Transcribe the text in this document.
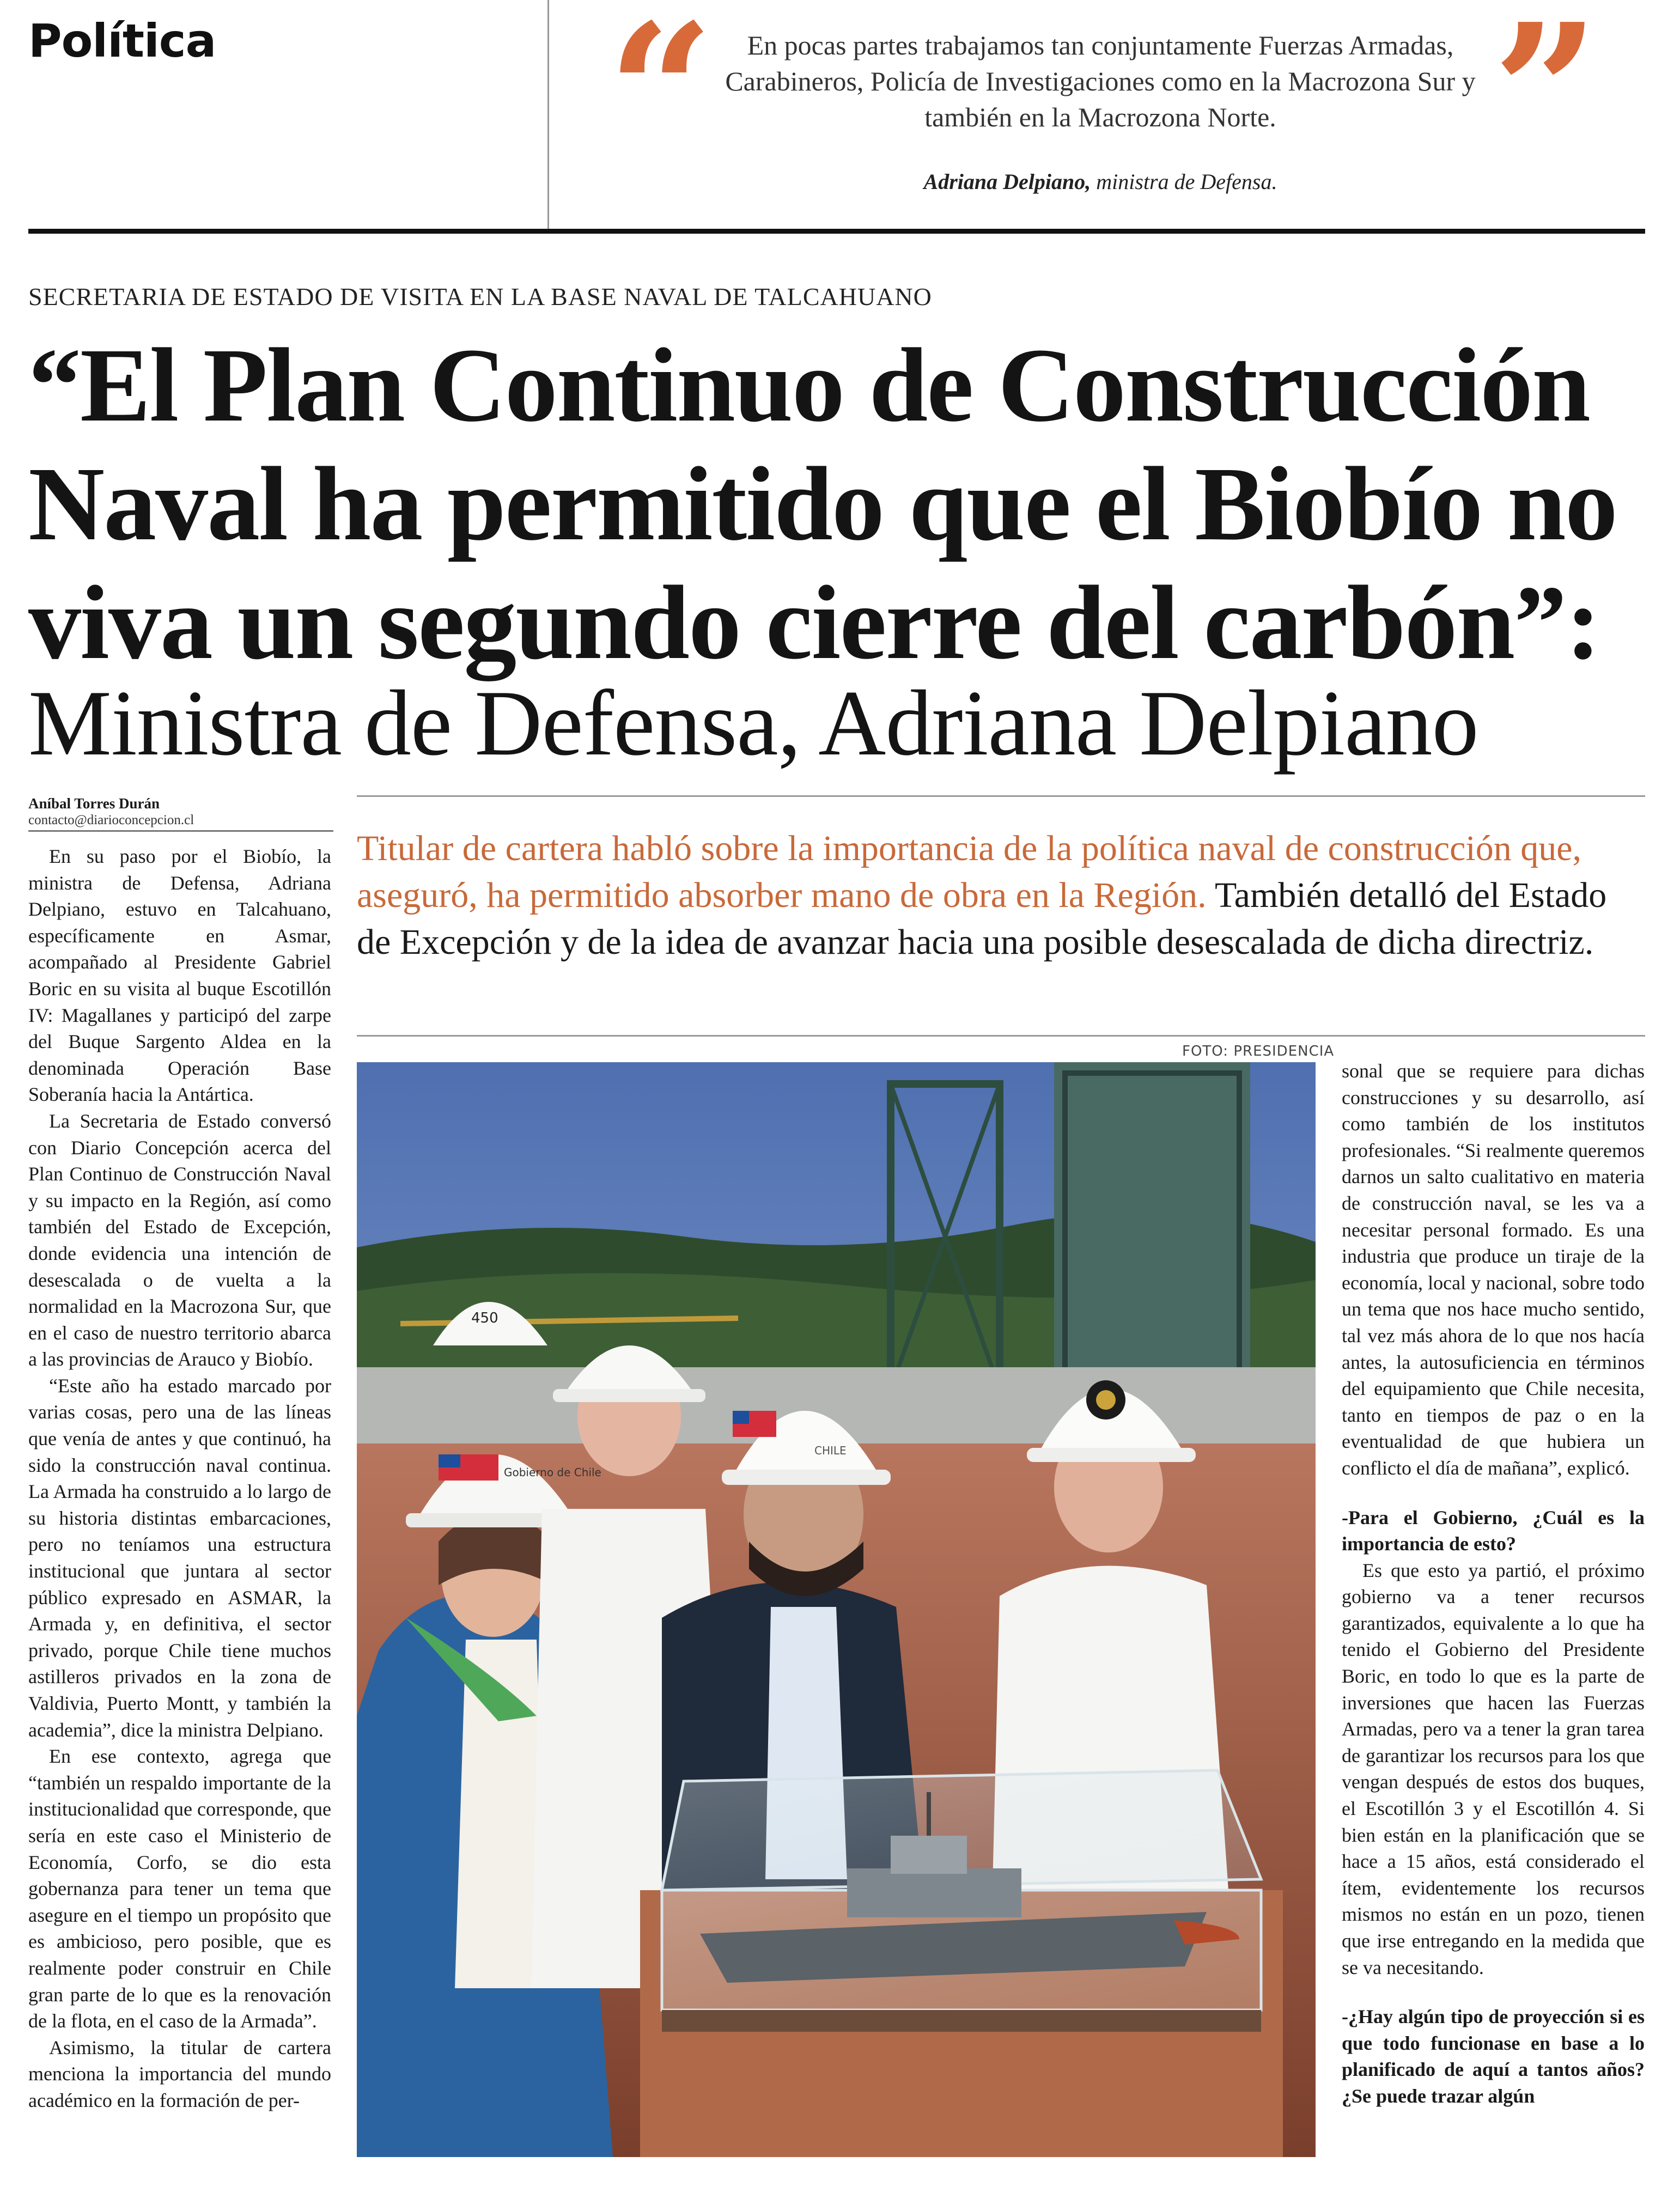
Política “	En pocas partes trabajamos tan conjuntamente Fuerzas Armadas, Carabineros, Policía de Investigaciones como en la Macrozona Sur y también en la Macrozona Norte.	”
Adriana Delpiano, ministra de Defensa.
SECRETARIA DE ESTADO DE VISITA EN LA BASE NAVAL DE TALCAHUANO
“El Plan Continuo de Construcción Naval ha permitido que el Biobío no viva un segundo cierre del carbón”:
Ministra de Defensa, Adriana Delpiano
Aníbal Torres Durán
contacto@diarioconcepcion.cl
Titular de cartera habló sobre la importancia de la política naval de construcción que, aseguró, ha permitido absorber mano de obra en la Región. También detalló del Estado de Excepción y de la idea de avanzar hacia una posible desescalada de dicha directriz.
FOTO: PRESIDENCIA

En su paso por el Biobío, la ministra de Defensa, Adriana Delpiano, estuvo en Talcahuano, específicamente en Asmar, acompañado al Presidente Gabriel Boric en su visita al buque Escotillón IV: Magallanes y participó del zarpe del Buque Sargento Aldea en la denominada Operación Base Soberanía hacia la Antártica.

La Secretaria de Estado conversó con Diario Concepción acerca del Plan Continuo de Construcción Naval y su impacto en la Región, así como también del Estado de Excepción, donde evidencia una intención de desescalada o de vuelta a la normalidad en la Macrozona Sur, que en el caso de nuestro territorio abarca a las provincias de Arauco y Biobío.

“Este año ha estado marcado por varias cosas, pero una de las líneas que venía de antes y que continuó, ha sido la construcción naval continua. La Armada ha construido a lo largo de su historia distintas embarcaciones, pero no teníamos una estructura institucional que juntara al sector público expresado en ASMAR, la Armada y, en definitiva, el sector privado, porque Chile tiene muchos astilleros privados en la zona de Valdivia, Puerto Montt, y también la academia”, dice la ministra Delpiano.

En ese contexto, agrega que “también un respaldo importante de la institucionalidad que corresponde, que sería en este caso el Ministerio de Economía, Corfo, se dio esta gobernanza para tener un tema que asegure en el tiempo un propósito que es ambicioso, pero posible, que es realmente poder construir en Chile gran parte de lo que es la renovación de la flota, en el caso de la Armada”.

Asimismo, la titular de cartera menciona la importancia del mundo académico en la formación de per-

Gobierno de Chile
450
CHILE

sonal que se requiere para dichas construcciones y su desarrollo, así como también de los institutos profesionales. “Si realmente queremos darnos un salto cualitativo en materia de construcción naval, se les va a necesitar personal formado. Es una industria que produce un tiraje de la economía, local y nacional, sobre todo un tema que nos hace mucho sentido, tal vez más ahora de lo que nos hacía antes, la autosuficiencia en términos del equipamiento que Chile necesita, tanto en tiempos de paz o en la eventualidad de que hubiera un conflicto el día de mañana”, explicó.

-Para el Gobierno, ¿Cuál es la importancia de esto?

Es que esto ya partió, el próximo gobierno va a tener recursos garantizados, equivalente a lo que ha tenido el Gobierno del Presidente Boric, en todo lo que es la parte de inversiones que hacen las Fuerzas Armadas, pero va a tener la gran tarea de garantizar los recursos para los que vengan después de estos dos buques, el Escotillón 3 y el Escotillón 4. Si bien están en la planificación que se hace a 15 años, está considerado el ítem, evidentemente los recursos mismos no están en un pozo, tienen que irse entregando en la medida que se va necesitando.

-¿Hay algún tipo de proyección si es que todo funcionase en base a lo planificado de aquí a tantos años? ¿Se puede trazar algún
